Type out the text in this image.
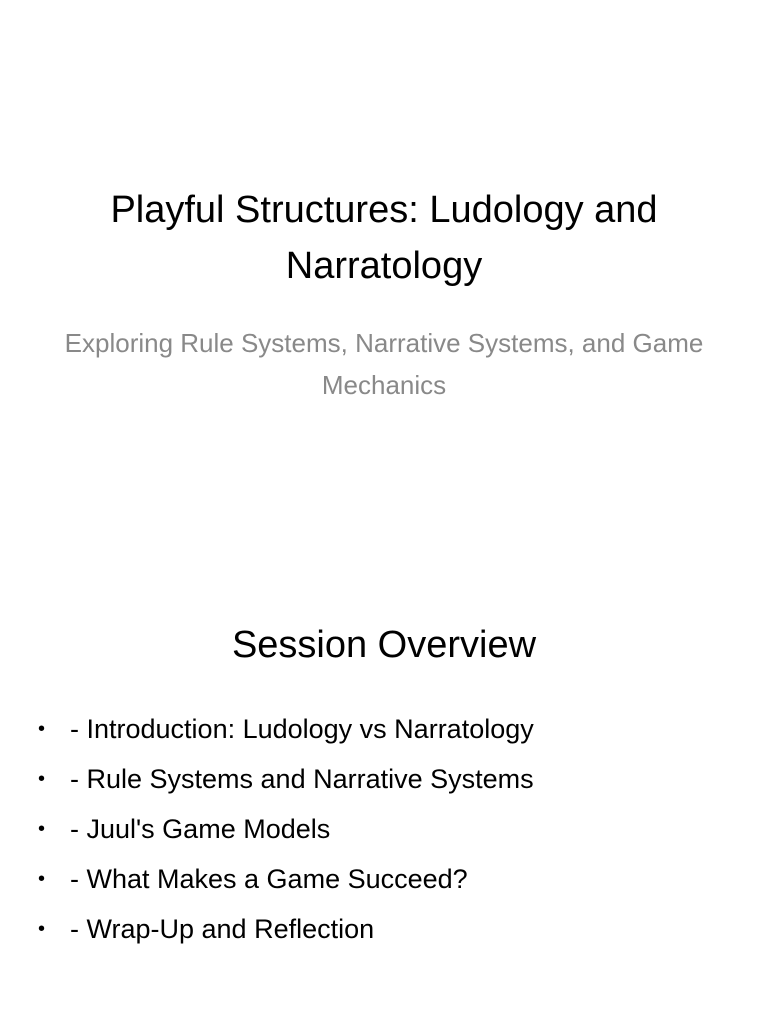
Playful Structures: Ludology and Narratology

Exploring Rule Systems, Narrative Systems, and Game Mechanics

Session Overview
• - Introduction: Ludology vs Narratology
• - Rule Systems and Narrative Systems
• - Juul's Game Models
• - What Makes a Game Succeed?
• - Wrap-Up and Reflection
